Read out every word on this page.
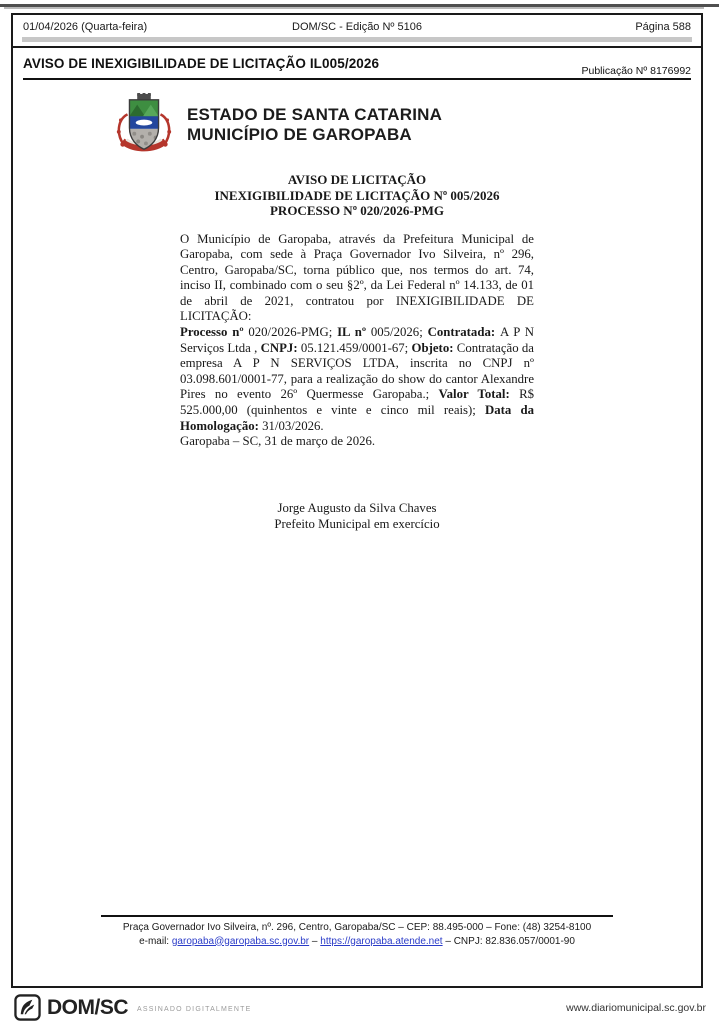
01/04/2026 (Quarta-feira)	DOM/SC - Edição Nº 5106	Página 588
AVISO DE INEXIGIBILIDADE DE LICITAÇÃO IL005/2026	Publicação Nº 8176992
ESTADO DE SANTA CATARINA
MUNICÍPIO DE GAROPABA
AVISO DE LICITAÇÃO
INEXIGIBILIDADE DE LICITAÇÃO Nº 005/2026
PROCESSO Nº 020/2026-PMG

O Município de Garopaba, através da Prefeitura Municipal de Garopaba, com sede à Praça Governador Ivo Silveira, nº 296, Centro, Garopaba/SC, torna público que, nos termos do art. 74, inciso II, combinado com o seu §2º, da Lei Federal nº 14.133, de 01 de abril de 2021, contratou por INEXIGIBILIDADE DE LICITAÇÃO:

Processo nº 020/2026-PMG; IL nº 005/2026; Contratada: A P N Serviços Ltda , CNPJ: 05.121.459/0001-67; Objeto: Contratação da empresa A P N SERVIÇOS LTDA, inscrita no CNPJ nº 03.098.601/0001-77, para a realização do show do cantor Alexandre Pires no evento 26º Quermesse Garopaba.; Valor Total: R$ 525.000,00 (quinhentos e vinte e cinco mil reais); Data da Homologação: 31/03/2026.

Garopaba – SC, 31 de março de 2026.

Jorge Augusto da Silva Chaves
Prefeito Municipal em exercício
Praça Governador Ivo Silveira, nº. 296, Centro, Garopaba/SC – CEP: 88.495-000 – Fone: (48) 3254-8100
e-mail: garopaba@garopaba.sc.gov.br – https://garopaba.atende.net – CNPJ: 82.836.057/0001-90
DOM/SC ASSINADO DIGITALMENTE	www.diariomunicipal.sc.gov.br
